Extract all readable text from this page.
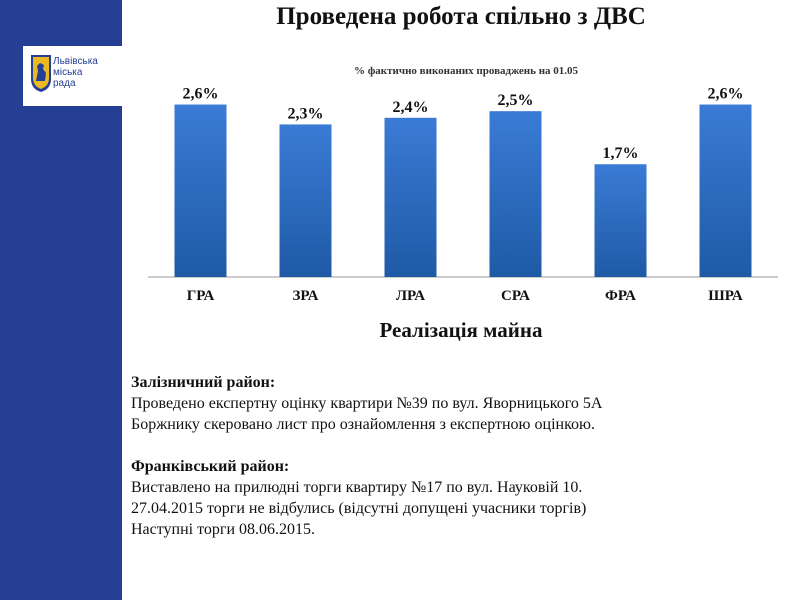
Львівська
міська
рада
Проведена робота спільно з ДВС
% фактично виконаних проваджень на 01.05
2,6%
ГРА
2,3%
ЗРА
2,4%
ЛРА
2,5%
СРА
1,7%
ФРА
2,6%
ШРА
Реалізація майна

Залізничний район:

Проведено експертну оцінку квартири №39 по вул. Яворницького 5А

Боржнику скеровано лист про ознайомлення з експертною оцінкою.

Франківський район:

Виставлено на прилюдні торги квартиру №17 по вул. Науковій 10.

27.04.2015 торги не відбулись (відсутні допущені учасники торгів)

Наступні торги 08.06.2015.
